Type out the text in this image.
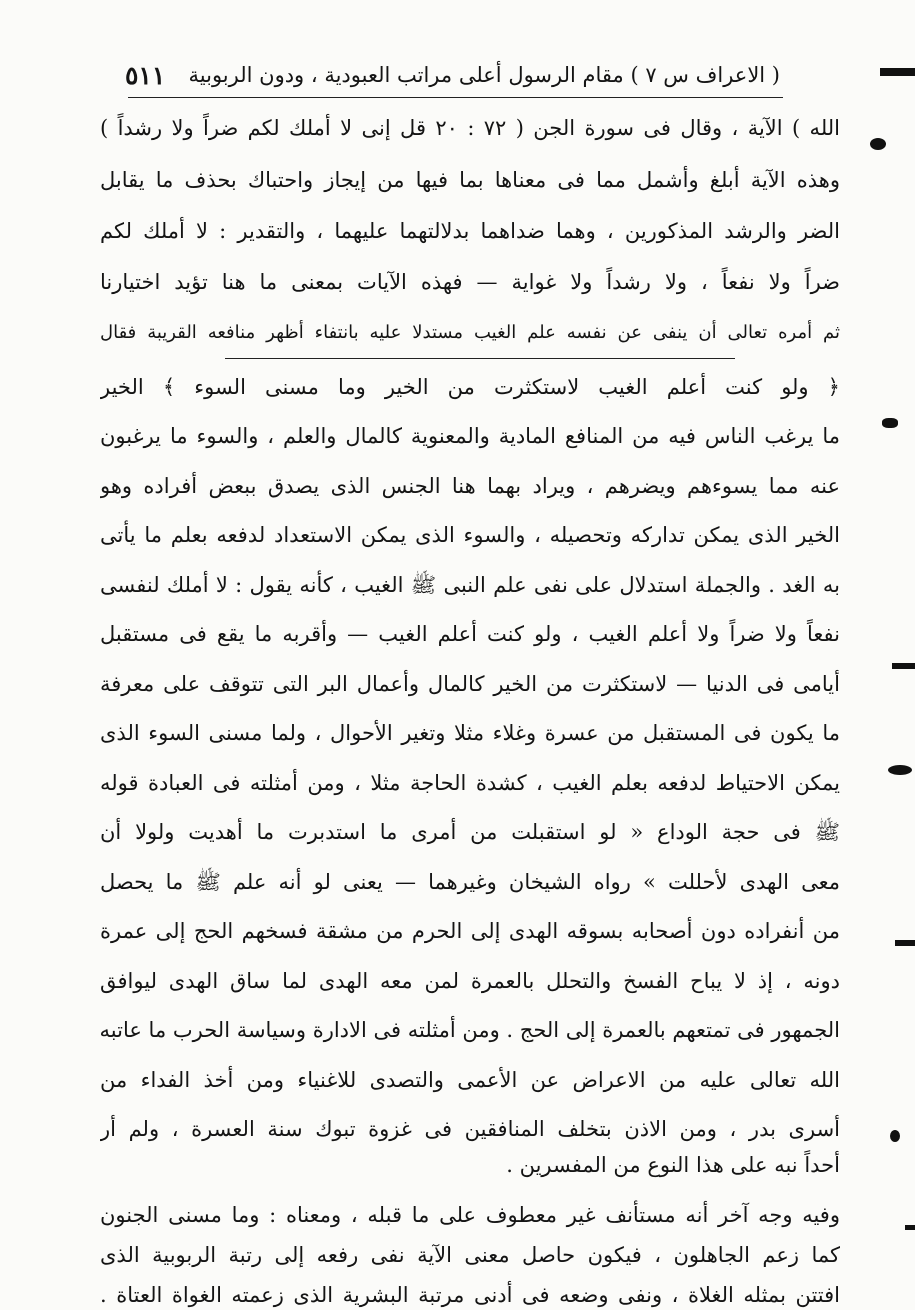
( الاعراف س ٧ ) مقام الرسول أعلى مراتب العبودية ، ودون الربوبية
٥١١
الله ) الآية ، وقال فى سورة الجن ( ٧٢ : ٢٠ قل إنى لا أملك لكم ضراً ولا رشداً )
وهذه الآية أبلغ وأشمل مما فى معناها بما فيها من إيجاز واحتباك بحذف ما يقابل
الضر والرشد المذكورين ، وهما ضداهما بدلالتهما عليهما ، والتقدير : لا أملك لكم
ضراً ولا نفعاً ، ولا رشداً ولا غواية — فهذه الآيات بمعنى ما هنا تؤيد اختيارنا
ثم أمره تعالى أن ينفى عن نفسه علم الغيب مستدلا عليه بانتفاء أظهر منافعه القريبة فقال
﴿ ولو كنت أعلم الغيب لاستكثرت من الخير وما مسنى السوء ﴾ الخير
ما يرغب الناس فيه من المنافع المادية والمعنوية كالمال والعلم ، والسوء ما يرغبون
عنه مما يسوءهم ويضرهم ، ويراد بهما هنا الجنس الذى يصدق ببعض أفراده وهو
الخير الذى يمكن تداركه وتحصيله ، والسوء الذى يمكن الاستعداد لدفعه بعلم ما يأتى
به الغد . والجملة استدلال على نفى علم النبى ﷺ الغيب ، كأنه يقول : لا أملك لنفسى
نفعاً ولا ضراً ولا أعلم الغيب ، ولو كنت أعلم الغيب — وأقربه ما يقع فى مستقبل
أيامى فى الدنيا — لاستكثرت من الخير كالمال وأعمال البر التى تتوقف على معرفة
ما يكون فى المستقبل من عسرة وغلاء مثلا وتغير الأحوال ، ولما مسنى السوء الذى
يمكن الاحتياط لدفعه بعلم الغيب ، كشدة الحاجة مثلا ، ومن أمثلته فى العبادة قوله
ﷺ فى حجة الوداع « لو استقبلت من أمرى ما استدبرت ما أهديت ولولا أن
معى الهدى لأحللت » رواه الشيخان وغيرهما — يعنى لو أنه علم ﷺ ما يحصل
من أنفراده دون أصحابه بسوقه الهدى إلى الحرم من مشقة فسخهم الحج إلى عمرة
دونه ، إذ لا يباح الفسخ والتحلل بالعمرة لمن معه الهدى لما ساق الهدى ليوافق
الجمهور فى تمتعهم بالعمرة إلى الحج . ومن أمثلته فى الادارة وسياسة الحرب ما عاتبه
الله تعالى عليه من الاعراض عن الأعمى والتصدى للاغنياء ومن أخذ الفداء من
أسرى بدر ، ومن الاذن بتخلف المنافقين فى غزوة تبوك سنة العسرة ، ولم أر
أحداً نبه على هذا النوع من المفسرين .
وفيه وجه آخر أنه مستأنف غير معطوف على ما قبله ، ومعناه : وما مسنى الجنون
كما زعم الجاهلون ، فيكون حاصل معنى الآية نفى رفعه إلى رتبة الربوبية الذى
افتتن بمثله الغلاة ، ونفى وضعه فى أدنى مرتبة البشرية الذى زعمته الغواة العتاة .
